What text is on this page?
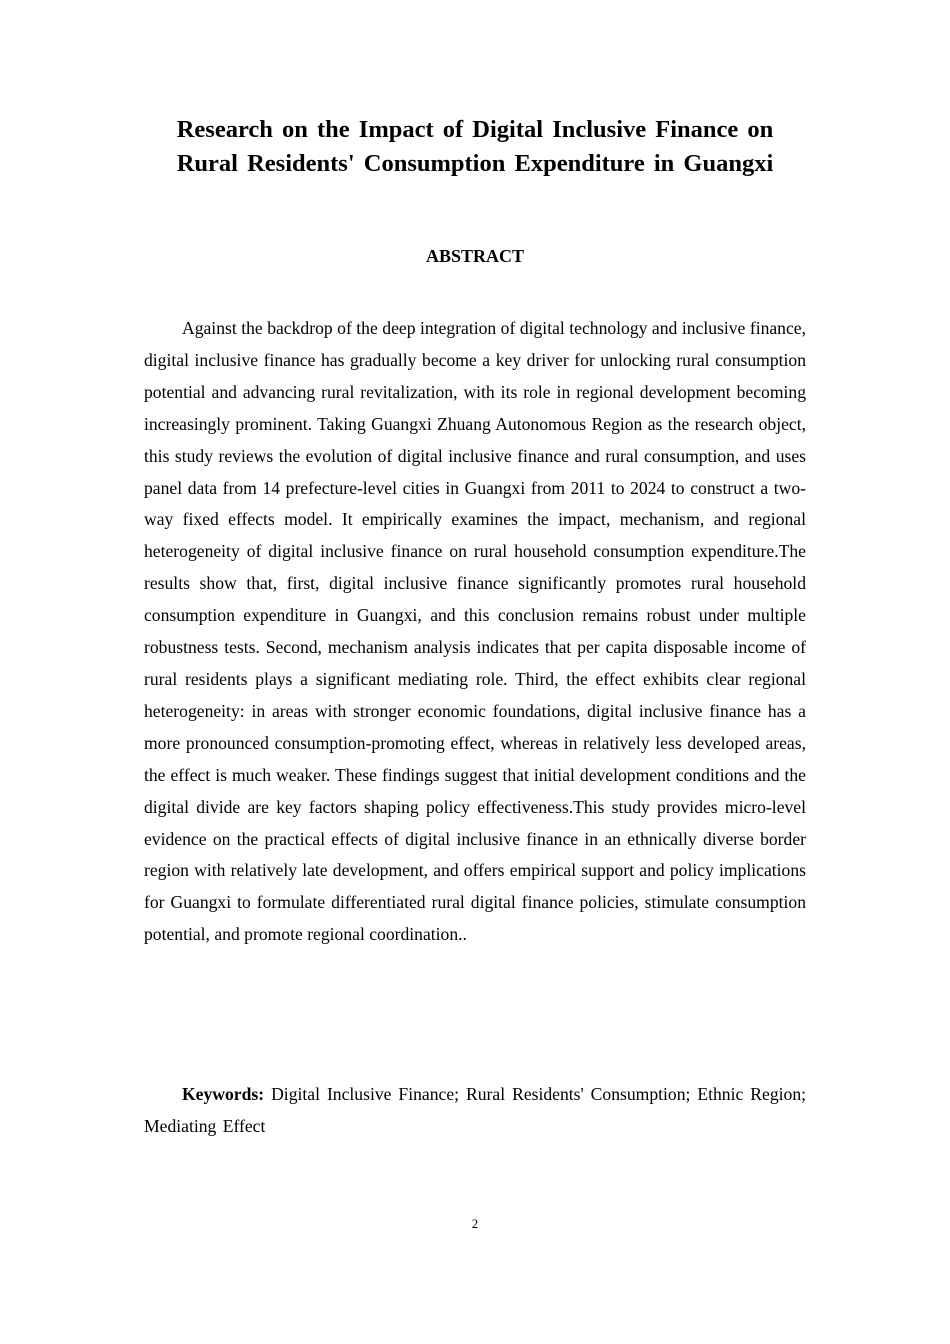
Research on the Impact of Digital Inclusive Finance on
Rural Residents' Consumption Expenditure in Guangxi
ABSTRACT

Against the backdrop of the deep integration of digital technology and inclusive finance, digital inclusive finance has gradually become a key driver for unlocking rural consumption potential and advancing rural revitalization, with its role in regional development becoming increasingly prominent. Taking Guangxi Zhuang Autonomous Region as the research object, this study reviews the evolution of digital inclusive finance and rural consumption, and uses panel data from 14 prefecture-level cities in Guangxi from 2011 to 2024 to construct a two-way fixed effects model. It empirically examines the impact, mechanism, and regional heterogeneity of digital inclusive finance on rural household consumption expenditure.The results show that, first, digital inclusive finance significantly promotes rural household consumption expenditure in Guangxi, and this conclusion remains robust under multiple robustness tests. Second, mechanism analysis indicates that per capita disposable income of rural residents plays a significant mediating role. Third, the effect exhibits clear regional heterogeneity: in areas with stronger economic foundations, digital inclusive finance has a more pronounced consumption-promoting effect, whereas in relatively less developed areas, the effect is much weaker. These findings suggest that initial development conditions and the digital divide are key factors shaping policy effectiveness.This study provides micro-level evidence on the practical effects of digital inclusive finance in an ethnically diverse border region with relatively late development, and offers empirical support and policy implications for Guangxi to formulate differentiated rural digital finance policies, stimulate consumption potential, and promote regional coordination..

Keywords: Digital Inclusive Finance; Rural Residents' Consumption; Ethnic Region; Mediating Effect

2
